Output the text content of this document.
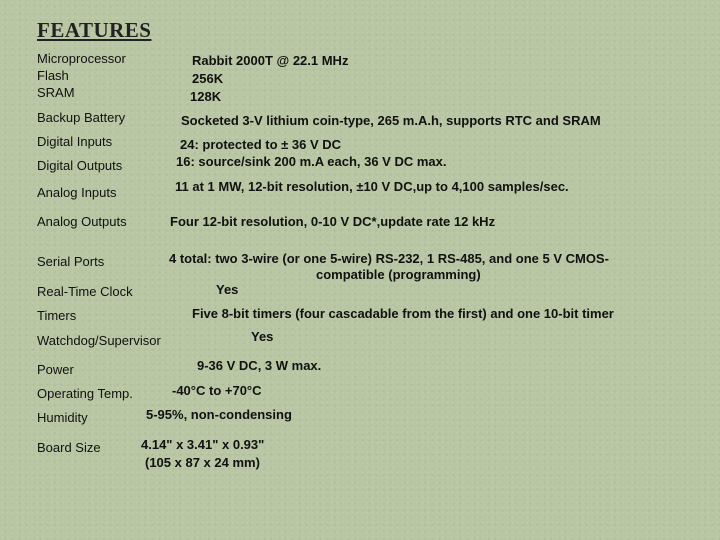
FEATURES
Microprocessor	Rabbit 2000T @ 22.1 MHz
Flash	256K
SRAM	128K
Backup Battery	Socketed 3-V lithium coin-type, 265 m.A.h, supports RTC and SRAM
Digital Inputs	24: protected to ± 36 V DC
Digital Outputs	16: source/sink 200 m.A each, 36 V DC max.
Analog Inputs	11 at 1 MW, 12-bit resolution, ±10 V DC,up to 4,100 samples/sec.
Analog Outputs	Four 12-bit resolution, 0-10 V DC*,update rate 12 kHz
Serial Ports	4 total: two 3-wire (or one 5-wire) RS-232, 1 RS-485, and one 5 V CMOS-
compatible (programming)
Real-Time Clock	Yes
Timers	Five 8-bit timers (four cascadable from the first) and one 10-bit timer
Watchdog/Supervisor	Yes
Power	9-36 V DC, 3 W max.
Operating Temp.	-40°C to +70°C
Humidity	5-95%, non-condensing
Board Size	4.14" x 3.41" x 0.93"
(105 x 87 x 24 mm)
